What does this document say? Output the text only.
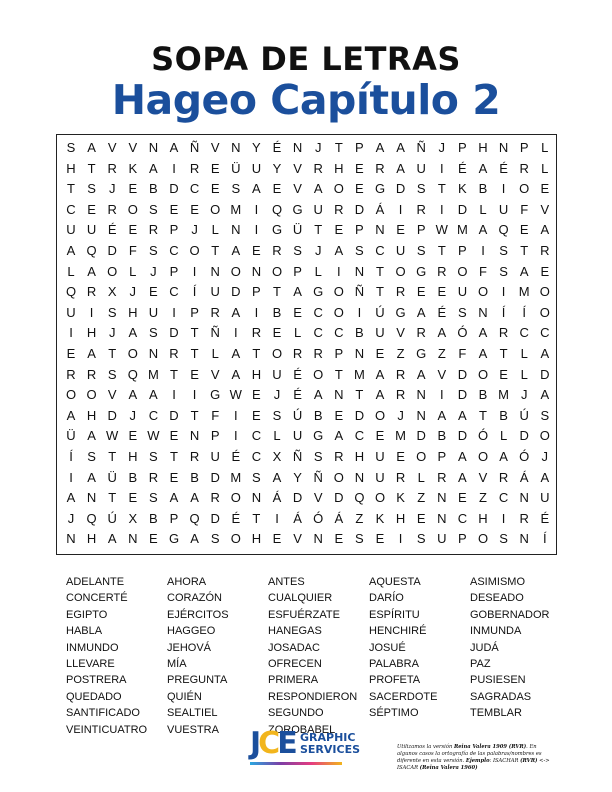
SOPA DE LETRAS
Hageo Capítulo 2
S A V V N A Ñ V N Y É N J	T P A A Ñ J	P H N P L
H T R K A	I	R E Ü U Y V R H E R A U	I	É A É R L
T S	J	E B D C E S A E V A O E G D S T K B	I	O E
C E R O S E E O M	I	Q G U R D Á	I	R	I	D L U F V
U U É E R P	J	L N	I	G Ü T E P N E P W M A Q E A
A Q D F S C O T A E R S	J	A S C U S T P	I	S T R
L A O L	J	P	I	N O N O P L	I	N T O G R O F S A E
Q R X	J	E C	Í	U D P T A G O Ñ T R E E U O	I	M O
U	I	S H U	I	P R A	I	B E C O	I	Ú G A É S N	Í	Í	O
I	H J	A S D T Ñ	I	R E L C C B U V R A Ó A R C C
E A T O N R T	L A T O R R P N E Z G Z F A T	L A
R R S Q M T E V A H U É O T M A R A V D O E L D
O O V A A	I	I	G W E	J	É A N T A R N	I	D B M J	A
A H D J C D T F	I	E S Ú B E D O J N A A T B Ú S
Ü A W E W E N P	I	C L U G A C E M D B D Ó L D O
Í	S T H S T R U É C X Ñ S R H U E O P A O A Ó J
I	A Ü B R E B D M S A Y Ñ O N U R L R A V R Á A
A N T E S A A R O N Á D V D Q O K Z N E Z C N U
J Q Ú X B P Q D É T	I	Á Ó Á Z K H E N C H	I	R É
N H A N E G A S O H E V N E S E	I	S U P O S N	Í
ADELANTE
CONCERTÉ
EGIPTO
HABLA
INMUNDO
LLEVARE
POSTRERA
QUEDADO
SANTIFICADO
VEINTICUATRO
AHORA
CORAZÓN
EJÉRCITOS
HAGGEO
JEHOVÁ
MÍA
PREGUNTA
QUIÉN
SEALTIEL
VUESTRA
ANTES
CUALQUIER
ESFUÉRZATE
HANEGAS
JOSADAC
OFRECEN
PRIMERA
RESPONDIERON
SEGUNDO
ZOROBABEL
AQUESTA
DARÍO
ESPÍRITU
HENCHIRÉ
JOSUÉ
PALABRA
PROFETA
SACERDOTE
SÉPTIMO
ASIMISMO
DESEADO
GOBERNADOR
INMUNDA
JUDÁ
PAZ
PUSIESEN
SAGRADAS
TEMBLAR
JCE GRAPHIC
SERVICES	Utilizamos la versión Reina Valera 1909 (RVR). En algunos casos la ortografía de las palabras/nombres es diferente en esta versión. Ejemplo: ISACHAR (RVR) <-> ISACAR (Reina Valera 1960)
